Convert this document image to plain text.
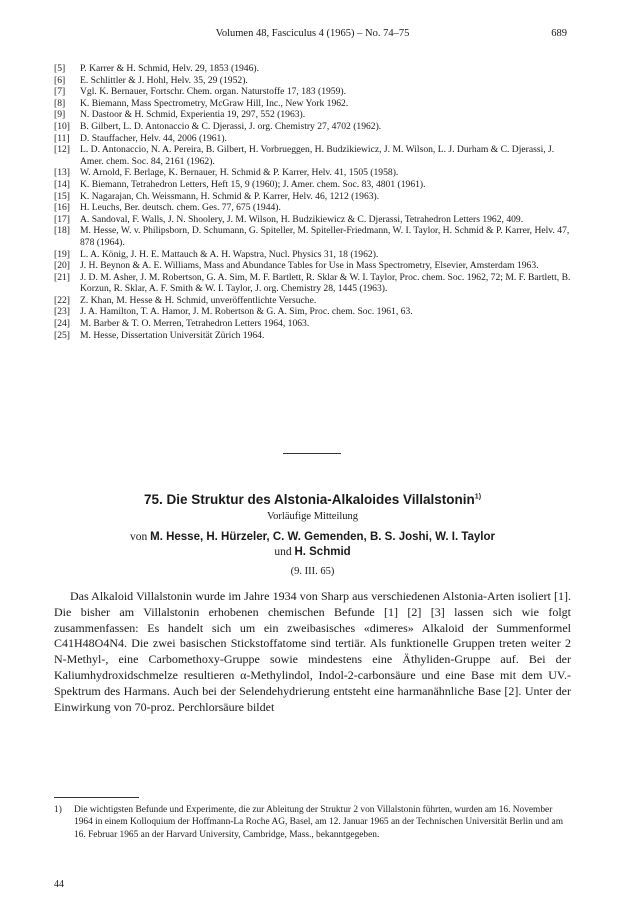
Volumen 48, Fasciculus 4 (1965) – No. 74–75	689
[5] P. Karrer & H. Schmid, Helv. 29, 1853 (1946).
[6] E. Schlittler & J. Hohl, Helv. 35, 29 (1952).
[7] Vgl. K. Bernauer, Fortschr. Chem. organ. Naturstoffe 17, 183 (1959).
[8] K. Biemann, Mass Spectrometry, McGraw Hill, Inc., New York 1962.
[9] N. Dastoor & H. Schmid, Experientia 19, 297, 552 (1963).
[10] B. Gilbert, L. D. Antonaccio & C. Djerassi, J. org. Chemistry 27, 4702 (1962).
[11] D. Stauffacher, Helv. 44, 2006 (1961).
[12] L. D. Antonaccio, N. A. Pereira, B. Gilbert, H. Vorbrueggen, H. Budzikiewicz, J. M. Wilson, L. J. Durham & C. Djerassi, J. Amer. chem. Soc. 84, 2161 (1962).
[13] W. Arnold, F. Berlage, K. Bernauer, H. Schmid & P. Karrer, Helv. 41, 1505 (1958).
[14] K. Biemann, Tetrahedron Letters, Heft 15, 9 (1960); J. Amer. chem. Soc. 83, 4801 (1961).
[15] K. Nagarajan, Ch. Weissmann, H. Schmid & P. Karrer, Helv. 46, 1212 (1963).
[16] H. Leuchs, Ber. deutsch. chem. Ges. 77, 675 (1944).
[17] A. Sandoval, F. Walls, J. N. Shoolery, J. M. Wilson, H. Budzikiewicz & C. Djerassi, Tetrahedron Letters 1962, 409.
[18] M. Hesse, W. v. Philipsborn, D. Schumann, G. Spiteller, M. Spiteller-Friedmann, W. I. Taylor, H. Schmid & P. Karrer, Helv. 47, 878 (1964).
[19] L. A. König, J. H. E. Mattauch & A. H. Wapstra, Nucl. Physics 31, 18 (1962).
[20] J. H. Beynon & A. E. Williams, Mass and Abundance Tables for Use in Mass Spectrometry, Elsevier, Amsterdam 1963.
[21] J. D. M. Asher, J. M. Robertson, G. A. Sim, M. F. Bartlett, R. Sklar & W. I. Taylor, Proc. chem. Soc. 1962, 72; M. F. Bartlett, B. Korzun, R. Sklar, A. F. Smith & W. I. Taylor, J. org. Chemistry 28, 1445 (1963).
[22] Z. Khan, M. Hesse & H. Schmid, unveröffentlichte Versuche.
[23] J. A. Hamilton, T. A. Hamor, J. M. Robertson & G. A. Sim, Proc. chem. Soc. 1961, 63.
[24] M. Barber & T. O. Merren, Tetrahedron Letters 1964, 1063.
[25] M. Hesse, Dissertation Universität Zürich 1964.
75. Die Struktur des Alstonia-Alkaloides Villalstonin$^{1)}$
Vorläufige Mitteilung
von M. Hesse, H. Hürzeler, C. W. Gemenden, B. S. Joshi, W. I. Taylor
und H. Schmid
(9. III. 65)
Das Alkaloid Villalstonin wurde im Jahre 1934 von Sharp aus verschiedenen Alstonia-Arten isoliert [1]. Die bisher am Villalstonin erhobenen chemischen Befunde [1] [2] [3] lassen sich wie folgt zusammenfassen: Es handelt sich um ein zweibasisches «dimeres» Alkaloid der Summenformel C41H48O4N4. Die zwei basischen Stickstoffatome sind tertiär. Als funktionelle Gruppen treten weiter 2 N-Methyl-, eine Carbomethoxy-Gruppe sowie mindestens eine Äthyliden-Gruppe auf. Bei der Kaliumhydroxidschmelze resultieren α-Methylindol, Indol-2-carbonsäure und eine Base mit dem UV.-Spektrum des Harmans. Auch bei der Selendehydrierung entsteht eine harmanähnliche Base [2]. Unter der Einwirkung von 70-proz. Perchlorsäure bildet
1)	Die wichtigsten Befunde und Experimente, die zur Ableitung der Struktur 2 von Villalstonin führten, wurden am 16. November 1964 in einem Kolloquium der Hoffmann-La Roche AG, Basel, am 12. Januar 1965 an der Technischen Universität Berlin und am 16. Februar 1965 an der Harvard University, Cambridge, Mass., bekanntgegeben.
44
